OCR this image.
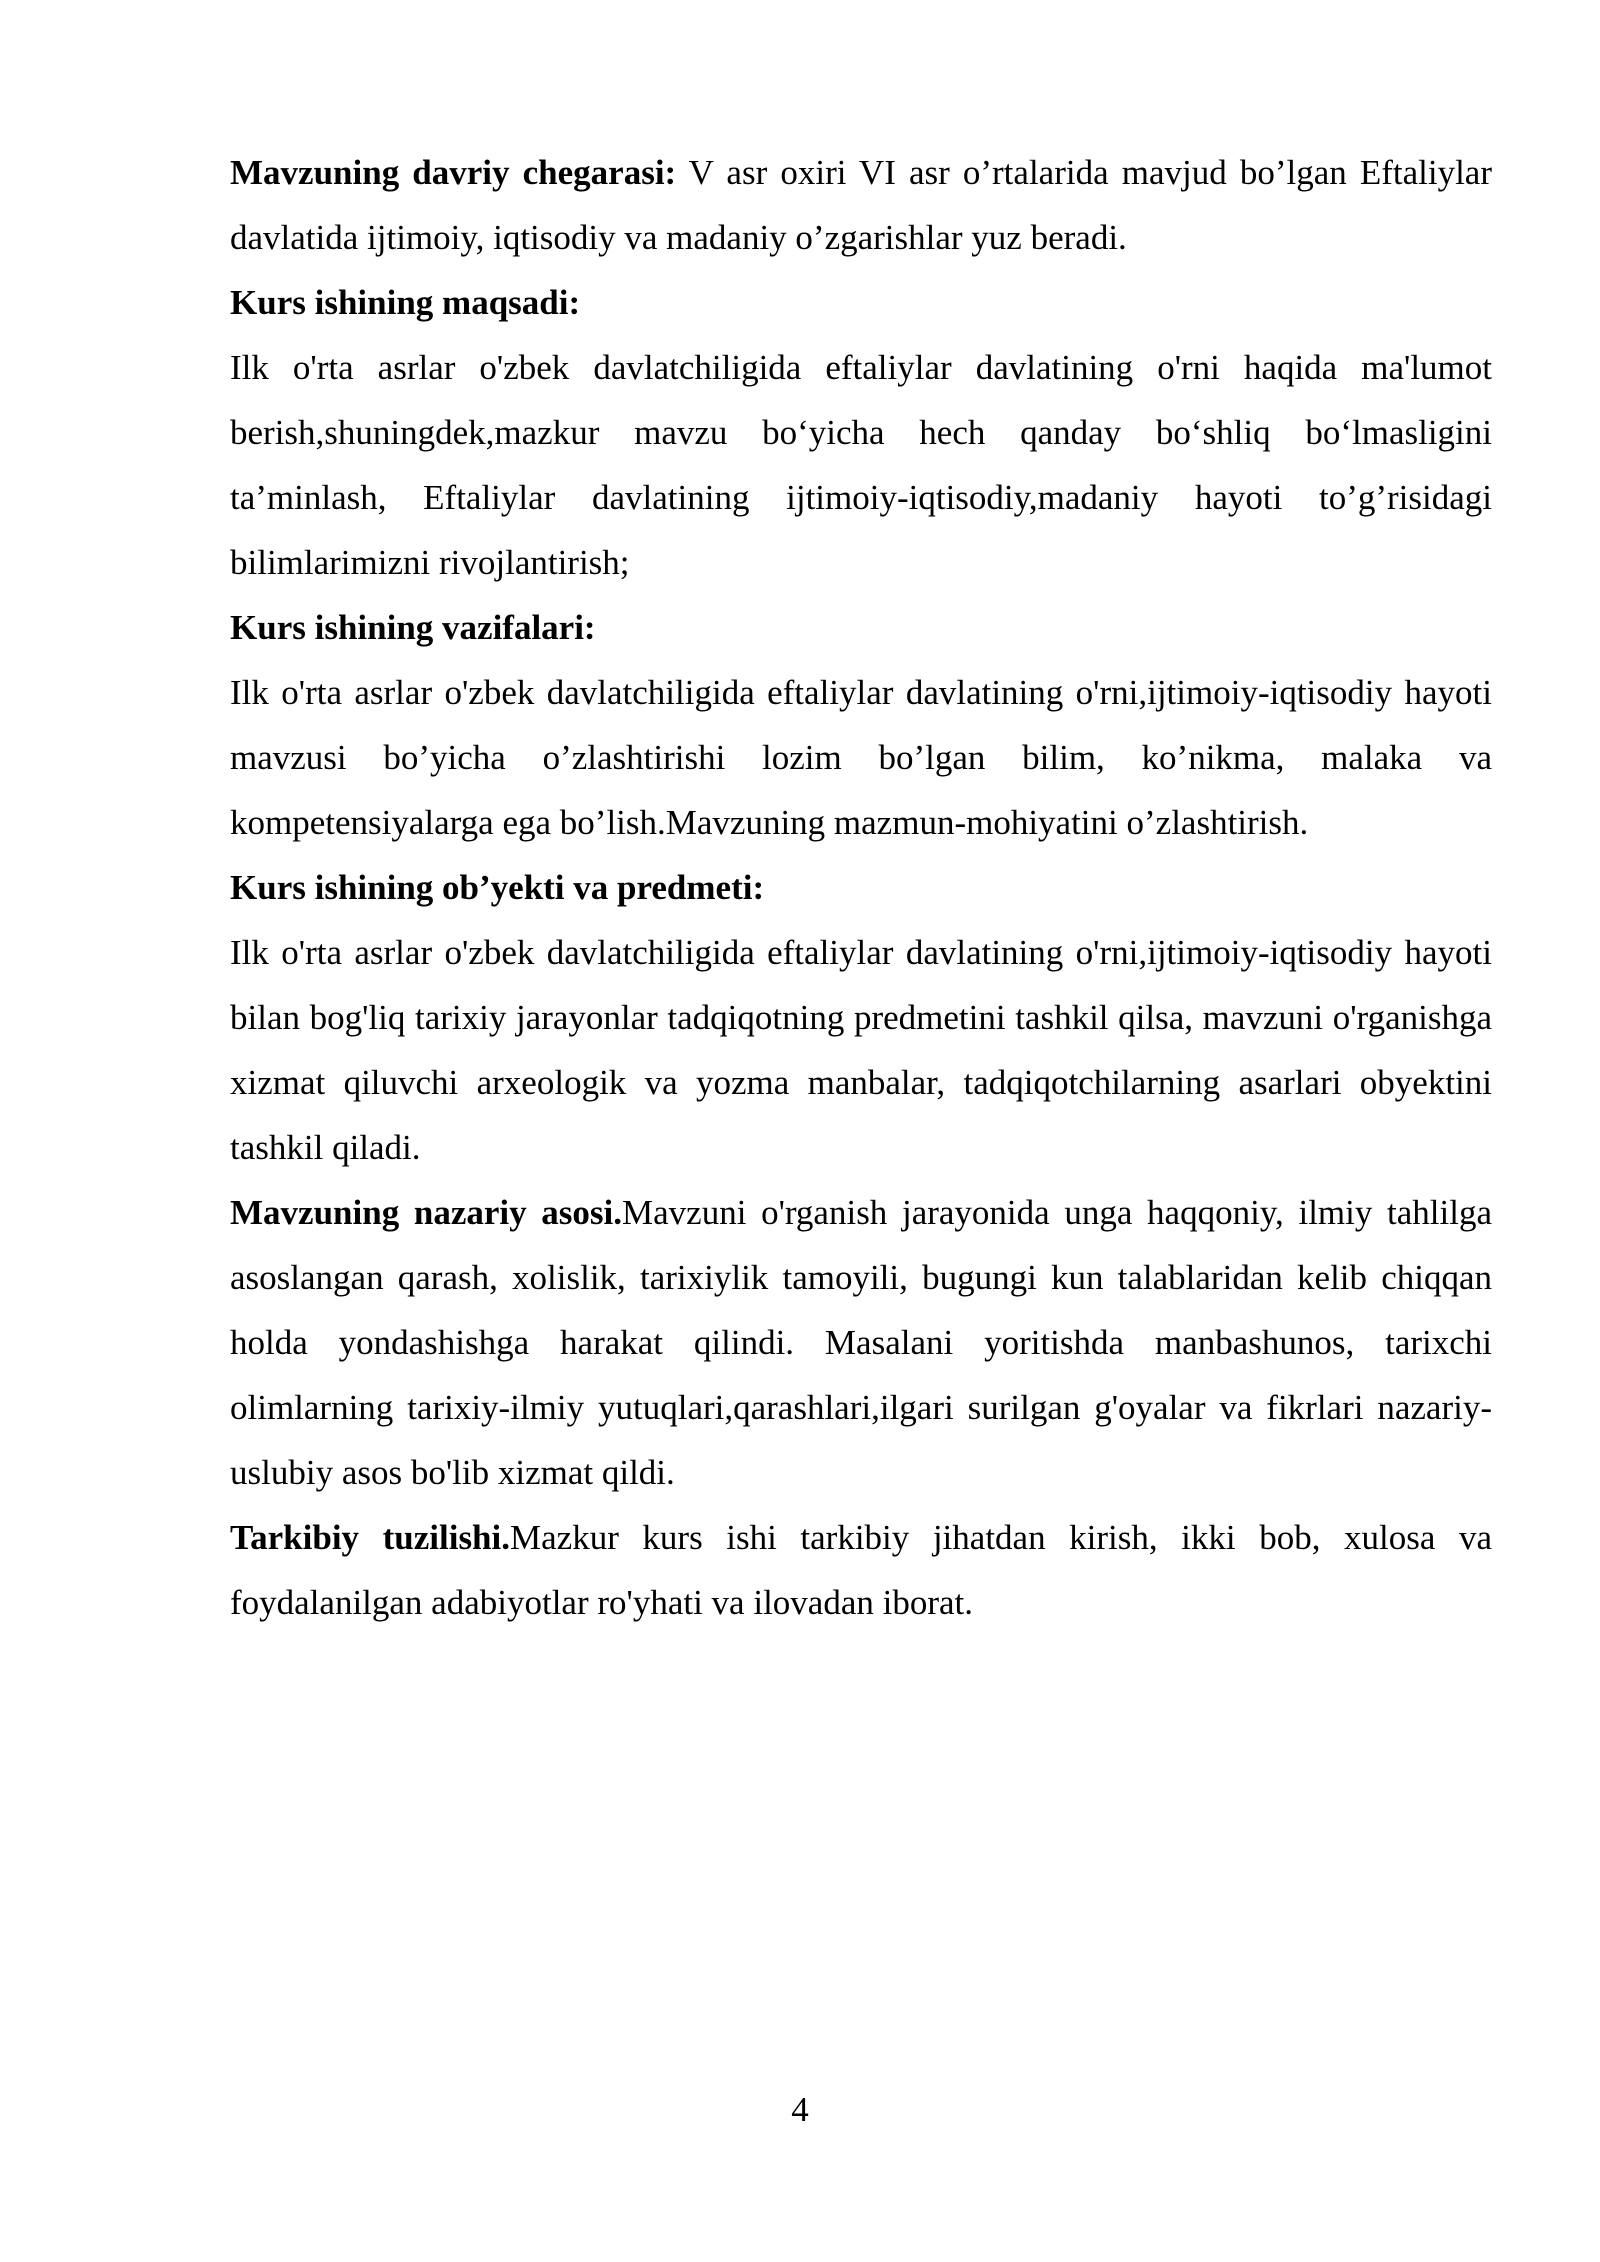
Mavzuning davriy chegarasi: V asr oxiri VI asr o’rtalarida mavjud bo’lgan Eftaliylar davlatida ijtimoiy, iqtisodiy va madaniy o’zgarishlar yuz beradi.

Kurs ishining maqsadi:

Ilk o'rta asrlar o'zbek davlatchiligida eftaliylar davlatining o'rni haqida ma'lumot berish,shuningdek,mazkur mavzu bo‘yicha hech qanday bo‘shliq bo‘lmasligini ta’minlash, Eftaliylar davlatining ijtimoiy-iqtisodiy,madaniy hayoti to’g’risidagi bilimlarimizni rivojlantirish;

Kurs ishining vazifalari:

Ilk o'rta asrlar o'zbek davlatchiligida eftaliylar davlatining o'rni,ijtimoiy-iqtisodiy hayoti mavzusi bo’yicha o’zlashtirishi lozim bo’lgan bilim, ko’nikma, malaka va kompetensiyalarga ega bo’lish.Mavzuning mazmun-mohiyatini o’zlashtirish.

Kurs ishining ob’yekti va predmeti:

Ilk o'rta asrlar o'zbek davlatchiligida eftaliylar davlatining o'rni,ijtimoiy-iqtisodiy hayoti bilan bog'liq tarixiy jarayonlar tadqiqotning predmetini tashkil qilsa, mavzuni o'rganishga xizmat qiluvchi arxeologik va yozma manbalar, tadqiqotchilarning asarlari obyektini tashkil qiladi.

Mavzuning nazariy asosi.Mavzuni o'rganish jarayonida unga haqqoniy, ilmiy tahlilga asoslangan qarash, xolislik, tarixiylik tamoyili, bugungi kun talablaridan kelib chiqqan holda yondashishga harakat qilindi. Masalani yoritishda manbashunos, tarixchi olimlarning tarixiy-ilmiy yutuqlari,qarashlari,ilgari surilgan g'oyalar va fikrlari nazariy- uslubiy asos bo'lib xizmat qildi.

Tarkibiy tuzilishi.Mazkur kurs ishi tarkibiy jihatdan kirish, ikki bob, xulosa va foydalanilgan adabiyotlar ro'yhati va ilovadan iborat.

4
